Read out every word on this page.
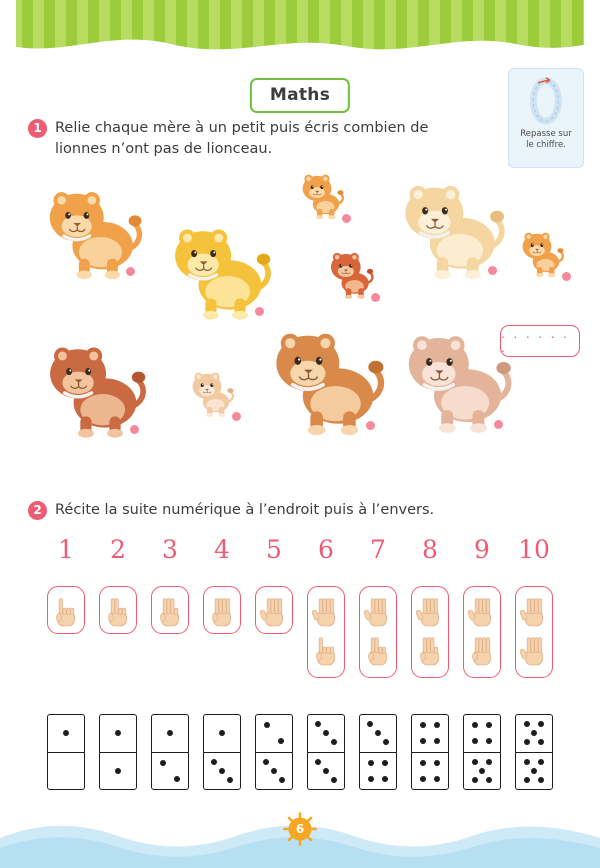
Maths
Repasse sur
le chiffre.
1 Relie chaque mère à un petit puis écris combien de lionnes n’ont pas de lionceau.
. . . . . . .
2 Récite la suite numérique à l’endroit puis à l’envers.
1	2	3	4	5	6	7	8	9	10
6
